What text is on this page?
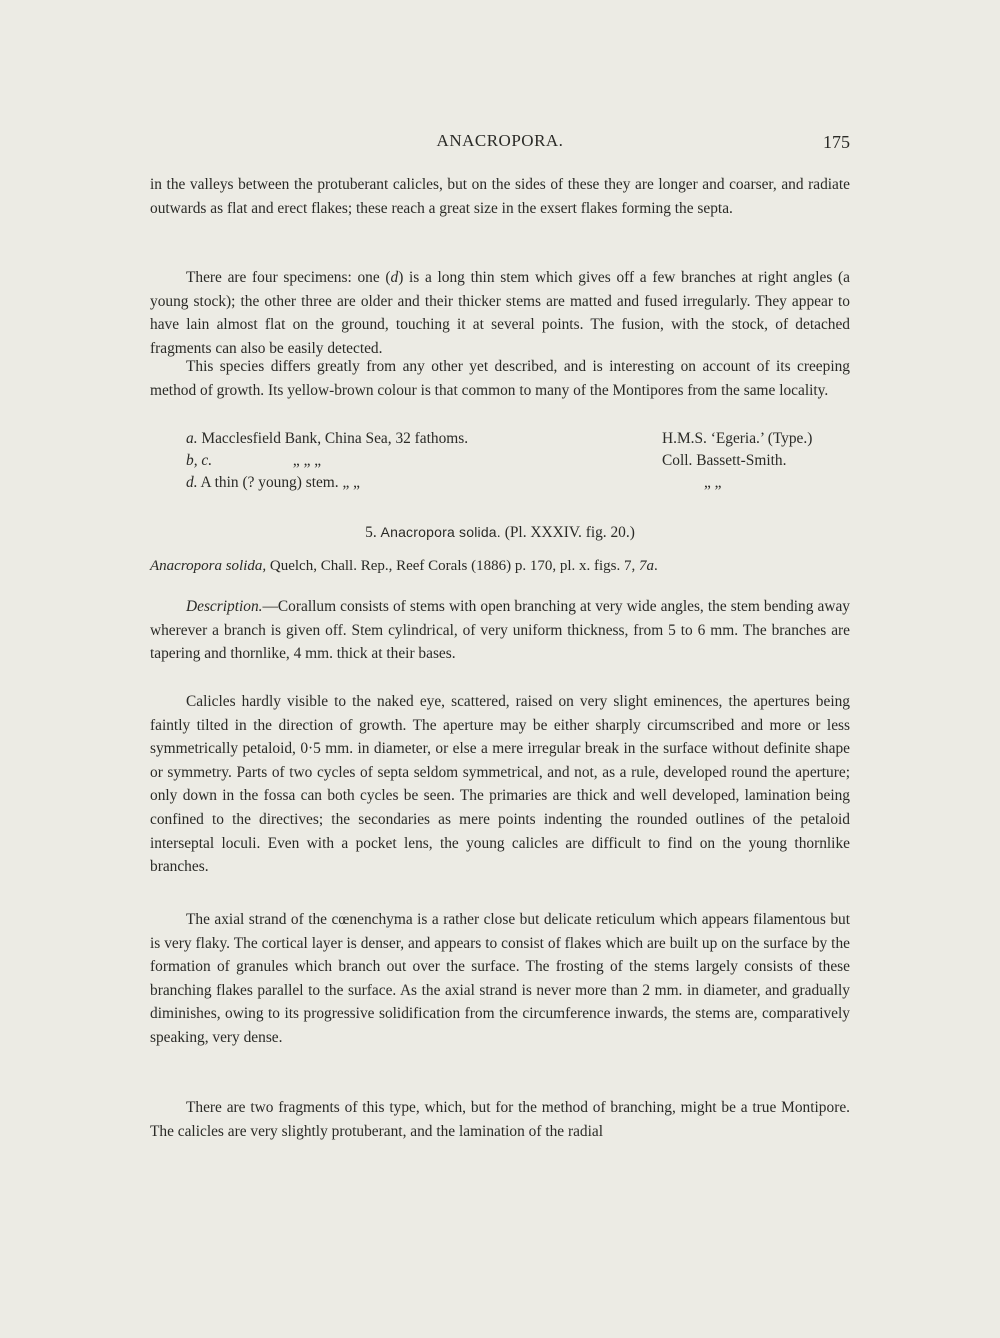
ANACROPORA.	175

in the valleys between the protuberant calicles, but on the sides of these they are longer and coarser, and radiate outwards as flat and erect flakes; these reach a great size in the exsert flakes forming the septa.

There are four specimens: one (d) is a long thin stem which gives off a few branches at right angles (a young stock); the other three are older and their thicker stems are matted and fused irregularly. They appear to have lain almost flat on the ground, touching it at several points. The fusion, with the stock, of detached fragments can also be easily detected.

This species differs greatly from any other yet described, and is interesting on account of its creeping method of growth. Its yellow-brown colour is that common to many of the Montipores from the same locality.

a. Macclesfield Bank, China Sea, 32 fathoms.	H.M.S. ‘Egeria.’ (Type.)
b, c.	„ „ „	Coll. Bassett-Smith.
d. A thin (? young) stem. „ „	„ „
5. Anacropora solida. (Pl. XXXIV. fig. 20.)
Anacropora solida, Quelch, Chall. Rep., Reef Corals (1886) p. 170, pl. x. figs. 7, 7a.

Description.—Corallum consists of stems with open branching at very wide angles, the stem bending away wherever a branch is given off. Stem cylindrical, of very uniform thickness, from 5 to 6 mm. The branches are tapering and thornlike, 4 mm. thick at their bases.

Calicles hardly visible to the naked eye, scattered, raised on very slight eminences, the apertures being faintly tilted in the direction of growth. The aperture may be either sharply circumscribed and more or less symmetrically petaloid, 0·5 mm. in diameter, or else a mere irregular break in the surface without definite shape or symmetry. Parts of two cycles of septa seldom symmetrical, and not, as a rule, developed round the aperture; only down in the fossa can both cycles be seen. The primaries are thick and well developed, lamination being confined to the directives; the secondaries as mere points indenting the rounded outlines of the petaloid interseptal loculi. Even with a pocket lens, the young calicles are difficult to find on the young thornlike branches.

The axial strand of the cœnenchyma is a rather close but delicate reticulum which appears filamentous but is very flaky. The cortical layer is denser, and appears to consist of flakes which are built up on the surface by the formation of granules which branch out over the surface. The frosting of the stems largely consists of these branching flakes parallel to the surface. As the axial strand is never more than 2 mm. in diameter, and gradually diminishes, owing to its progressive solidification from the circumference inwards, the stems are, comparatively speaking, very dense.

There are two fragments of this type, which, but for the method of branching, might be a true Montipore. The calicles are very slightly protuberant, and the lamination of the radial
